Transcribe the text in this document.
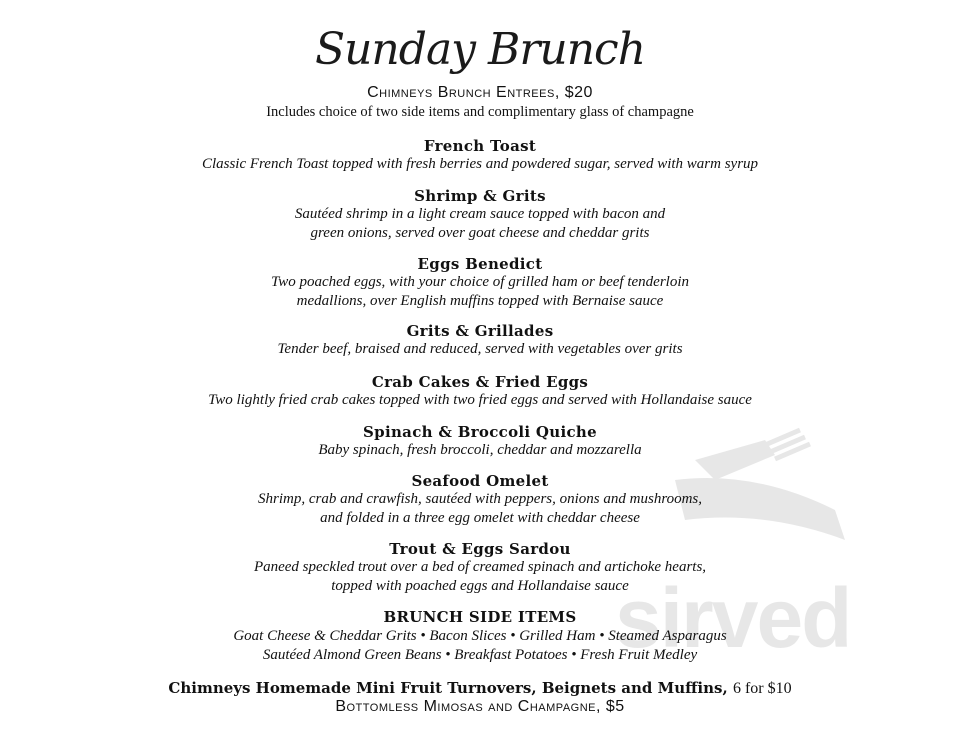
sirved
Sunday Brunch
Chimneys Brunch Entrees, $20
Includes choice of two side items and complimentary glass of champagne
French Toast
Classic French Toast topped with fresh berries and powdered sugar, served with warm syrup
Shrimp & Grits
Sautéed shrimp in a light cream sauce topped with bacon and
green onions, served over goat cheese and cheddar grits
Eggs Benedict
Two poached eggs, with your choice of grilled ham or beef tenderloin
medallions, over English muffins topped with Bernaise sauce
Grits & Grillades
Tender beef, braised and reduced, served with vegetables over grits
Crab Cakes & Fried Eggs
Two lightly fried crab cakes topped with two fried eggs and served with Hollandaise sauce
Spinach & Broccoli Quiche
Baby spinach, fresh broccoli, cheddar and mozzarella
Seafood Omelet
Shrimp, crab and crawfish, sautéed with peppers, onions and mushrooms,
and folded in a three egg omelet with cheddar cheese
Trout & Eggs Sardou
Paneed speckled trout over a bed of creamed spinach and artichoke hearts,
topped with poached eggs and Hollandaise sauce
BRUNCH SIDE ITEMS
Goat Cheese & Cheddar Grits • Bacon Slices • Grilled Ham • Steamed Asparagus
Sautéed Almond Green Beans • Breakfast Potatoes • Fresh Fruit Medley
Chimneys Homemade Mini Fruit Turnovers, Beignets and Muffins, 6 for $10
Bottomless Mimosas and Champagne, $5
